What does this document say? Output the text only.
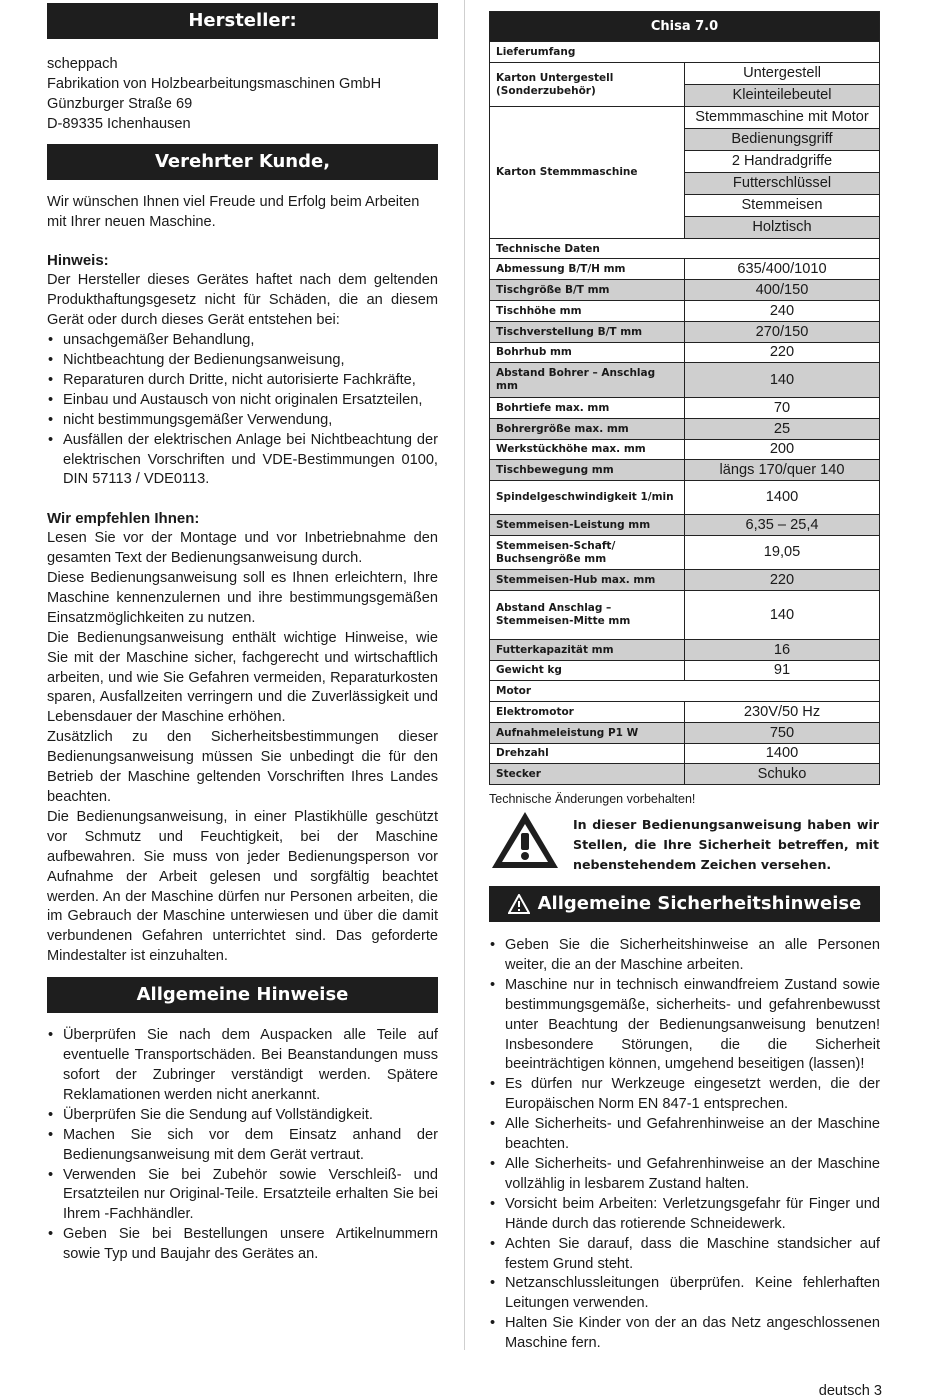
Hersteller:

scheppach

Fabrikation von Holzbearbeitungsmaschinen GmbH

Günzburger Straße 69

D-89335 Ichenhausen

Verehrter Kunde,

Wir wünschen Ihnen viel Freude und Erfolg beim Arbeiten mit Ihrer neuen Maschine.

Hinweis:

Der Hersteller dieses Gerätes haftet nach dem geltenden Produkthaftungsgesetz nicht für Schäden, die an diesem Gerät oder durch dieses Gerät entstehen bei:

• unsachgemäßer Behandlung,
• Nichtbeachtung der Bedienungsanweisung,
• Reparaturen durch Dritte, nicht autorisierte Fachkräfte,
• Einbau und Austausch von nicht originalen Ersatzteilen,
• nicht bestimmungsgemäßer Verwendung,
• Ausfällen der elektrischen Anlage bei Nichtbeachtung der elektrischen Vorschriften und VDE-Bestimmungen 0100, DIN 57113 / VDE0113.

Wir empfehlen Ihnen:

Lesen Sie vor der Montage und vor Inbetriebnahme den gesamten Text der Bedienungsanweisung durch.

Diese Bedienungsanweisung soll es Ihnen erleichtern, Ihre Maschine kennenzulernen und ihre bestimmungsgemäßen Einsatzmöglichkeiten zu nutzen.

Die Bedienungsanweisung enthält wichtige Hinweise, wie Sie mit der Maschine sicher, fachgerecht und wirtschaftlich arbeiten, und wie Sie Gefahren vermeiden, Reparaturkosten sparen, Ausfallzeiten verringern und die Zuverlässigkeit und Lebensdauer der Maschine erhöhen.

Zusätzlich zu den Sicherheitsbestimmungen dieser Bedienungsanweisung müssen Sie unbedingt die für den Betrieb der Maschine geltenden Vorschriften Ihres Landes beachten.

Die Bedienungsanweisung, in einer Plastikhülle geschützt vor Schmutz und Feuchtigkeit, bei der Maschine aufbewahren. Sie muss von jeder Bedienungsperson vor Aufnahme der Arbeit gelesen und sorgfältig beachtet werden. An der Maschine dürfen nur Personen arbeiten, die im Gebrauch der Maschine unterwiesen und über die damit verbundenen Gefahren unterrichtet sind. Das geforderte Mindestalter ist einzuhalten.

Allgemeine Hinweise
• Überprüfen Sie nach dem Auspacken alle Teile auf eventuelle Transportschäden. Bei Beanstandungen muss sofort der Zubringer verständigt werden. Spätere Reklamationen werden nicht anerkannt.
• Überprüfen Sie die Sendung auf Vollständigkeit.
• Machen Sie sich vor dem Einsatz anhand der Bedienungsanweisung mit dem Gerät vertraut.
• Verwenden Sie bei Zubehör sowie Verschleiß- und Ersatzteilen nur Original-Teile. Ersatzteile erhalten Sie bei Ihrem -Fachhändler.
• Geben Sie bei Bestellungen unsere Artikelnummern sowie Typ und Baujahr des Gerätes an.
Chisa 7.0	
Lieferumfang	
Karton Untergestell (Sonderzubehör)	Untergestell
	Kleinteilebeutel
Karton Stemmmaschine	Stemmmaschine mit Motor
	Bedienungsgriff
	2 Handradgriffe
	Futterschlüssel
	Stemmeisen
	Holztisch
Technische Daten	
Abmessung B/T/H mm	635/400/1010
Tischgröße B/T mm	400/150
Tischhöhe mm	240
Tischverstellung B/T mm	270/150
Bohrhub mm	220
Abstand Bohrer – Anschlag mm	140
Bohrtiefe max. mm	70
Bohrergröße max. mm	25
Werkstückhöhe max. mm	200
Tischbewegung mm	längs 170/quer 140
Spindelgeschwindigkeit 1/min	1400
Stemmeisen-Leistung mm	6,35 – 25,4
Stemmeisen-Schaft/ Buchsengröße mm	19,05
Stemmeisen-Hub max. mm	220
Abstand Anschlag – Stemmeisen-Mitte mm	140
Futterkapazität mm	16
Gewicht kg	91
Motor	
Elektromotor	230V/50 Hz
Aufnahmeleistung P1 W	750
Drehzahl	1400
Stecker	Schuko
Technische Änderungen vorbehalten!
In dieser Bedienungsanweisung haben wir Stellen, die Ihre Sicherheit betreffen, mit nebenstehendem Zeichen versehen.
Allgemeine Sicherheitshinweise
• Geben Sie die Sicherheitshinweise an alle Personen weiter, die an der Maschine arbeiten.
• Maschine nur in technisch einwandfreiem Zustand sowie bestimmungsgemäße, sicherheits- und gefahrenbewusst unter Beachtung der Bedienungsanweisung benutzen! Insbesondere Störungen, die die Sicherheit beeinträchtigen können, umgehend beseitigen (lassen)!
• Es dürfen nur Werkzeuge eingesetzt werden, die der Europäischen Norm EN 847-1 entsprechen.
• Alle Sicherheits- und Gefahrenhinweise an der Maschine beachten.
• Alle Sicherheits- und Gefahrenhinweise an der Maschine vollzählig in lesbarem Zustand halten.
• Vorsicht beim Arbeiten: Verletzungsgefahr für Finger und Hände durch das rotierende Schneidewerk.
• Achten Sie darauf, dass die Maschine standsicher auf festem Grund steht.
• Netzanschlussleitungen überprüfen. Keine fehlerhaften Leitungen verwenden.
• Halten Sie Kinder von der an das Netz angeschlossenen Maschine fern.
deutsch 3
